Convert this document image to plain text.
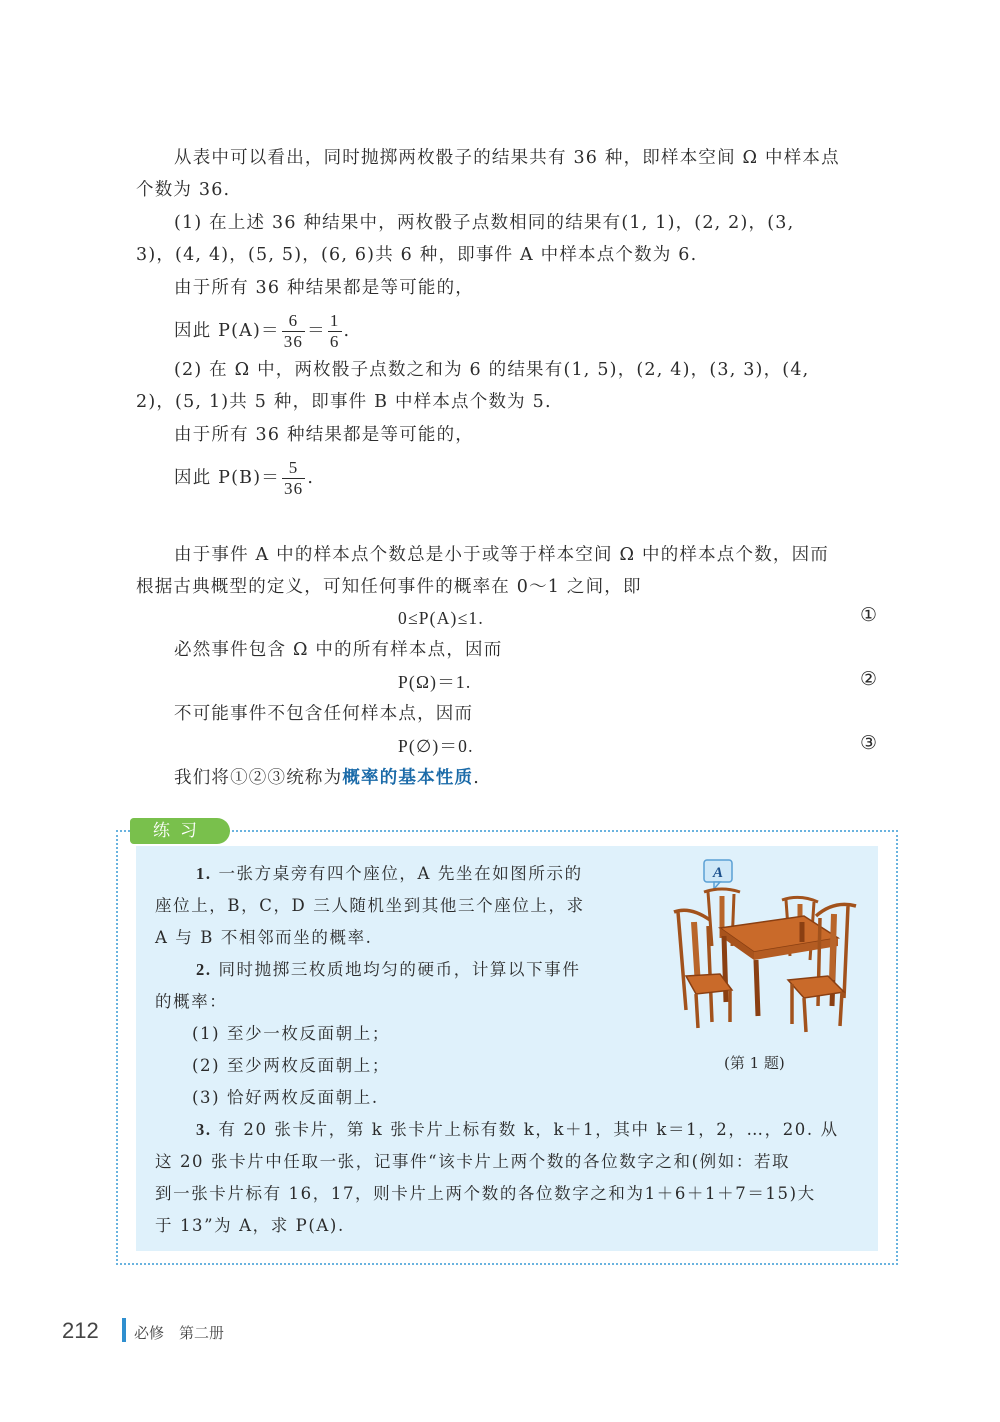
从表中可以看出，同时抛掷两枚骰子的结果共有 36 种，即样本空间 Ω 中样本点
个数为 36.
(1) 在上述 36 种结果中，两枚骰子点数相同的结果有(1, 1)，(2, 2)，(3,
3)，(4, 4)，(5, 5)，(6, 6)共 6 种，即事件 A 中样本点个数为 6.
由于所有 36 种结果都是等可能的，
因此 $P(A)= \frac{6}{36} = \frac{1}{6}$ .
(2) 在 Ω 中，两枚骰子点数之和为 6 的结果有(1, 5)，(2, 4)，(3, 3)，(4,
2)，(5, 1)共 5 种，即事件 B 中样本点个数为 5.
由于所有 36 种结果都是等可能的，
因此 $P(B)= \frac{5}{36}$ .
由于事件 A 中的样本点个数总是小于或等于样本空间 Ω 中的样本点个数，因而
根据古典概型的定义，可知任何事件的概率在 0～1 之间，即
0≤P(A)≤1.	①
必然事件包含 Ω 中的所有样本点，因而
P(Ω)＝1.	②
不可能事件不包含任何样本点，因而
P(∅)＝0.	③
我们将①②③统称为概率的基本性质.
练习
1. 一张方桌旁有四个座位，A 先坐在如图所示的
座位上，B，C，D 三人随机坐到其他三个座位上，求
A 与 B 不相邻而坐的概率.
2. 同时抛掷三枚质地均匀的硬币，计算以下事件
的概率：
(1) 至少一枚反面朝上；
(2) 至少两枚反面朝上；
(3) 恰好两枚反面朝上.
3. 有 20 张卡片，第 k 张卡片上标有数 k，k＋1，其中 k＝1，2，…，20. 从
这 20 张卡片中任取一张，记事件“该卡片上两个数的各位数字之和(例如：若取
到一张卡片标有 16，17，则卡片上两个数的各位数字之和为1＋6＋1＋7＝15)大
于 13”为 A，求 P(A).
A
(第 1 题)
212 必修　第二册
